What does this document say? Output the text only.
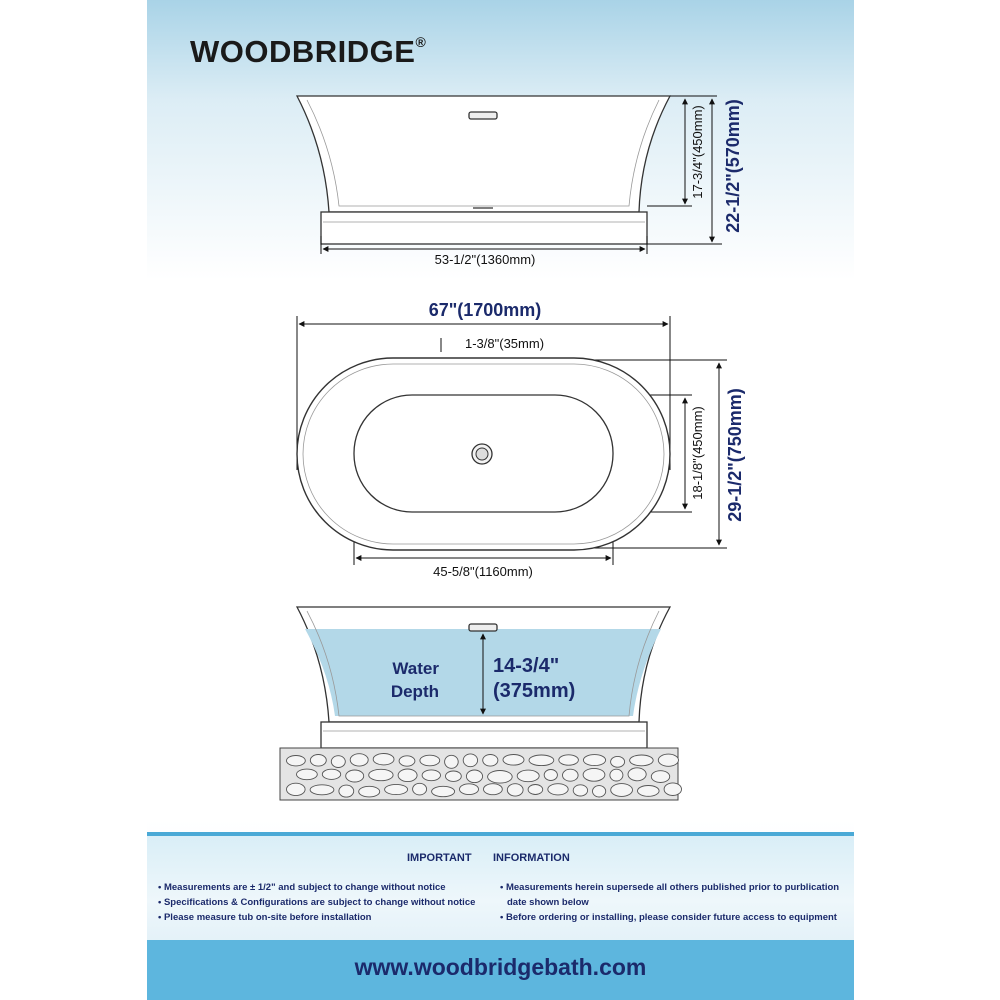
WOODBRIDGE®
17-3/4"(450mm) 22-1/2"(570mm)
53-1/2"(1360mm)
67"(1700mm)
1-3/8"(35mm)
18-1/8"(450mm) 29-1/2"(750mm)
45-5/8"(1160mm)
Water
Depth
14-3/4"
(375mm)
IMPORTANT INFORMATION
• Measurements are ± 1/2" and subject to change without notice
• Specifications & Configurations are subject to change without notice
• Please measure tub on-site before installation
• Measurements herein supersede all others published prior to purblication
date shown below
• Before ordering or installing, please consider future access to equipment
www.woodbridgebath.com
